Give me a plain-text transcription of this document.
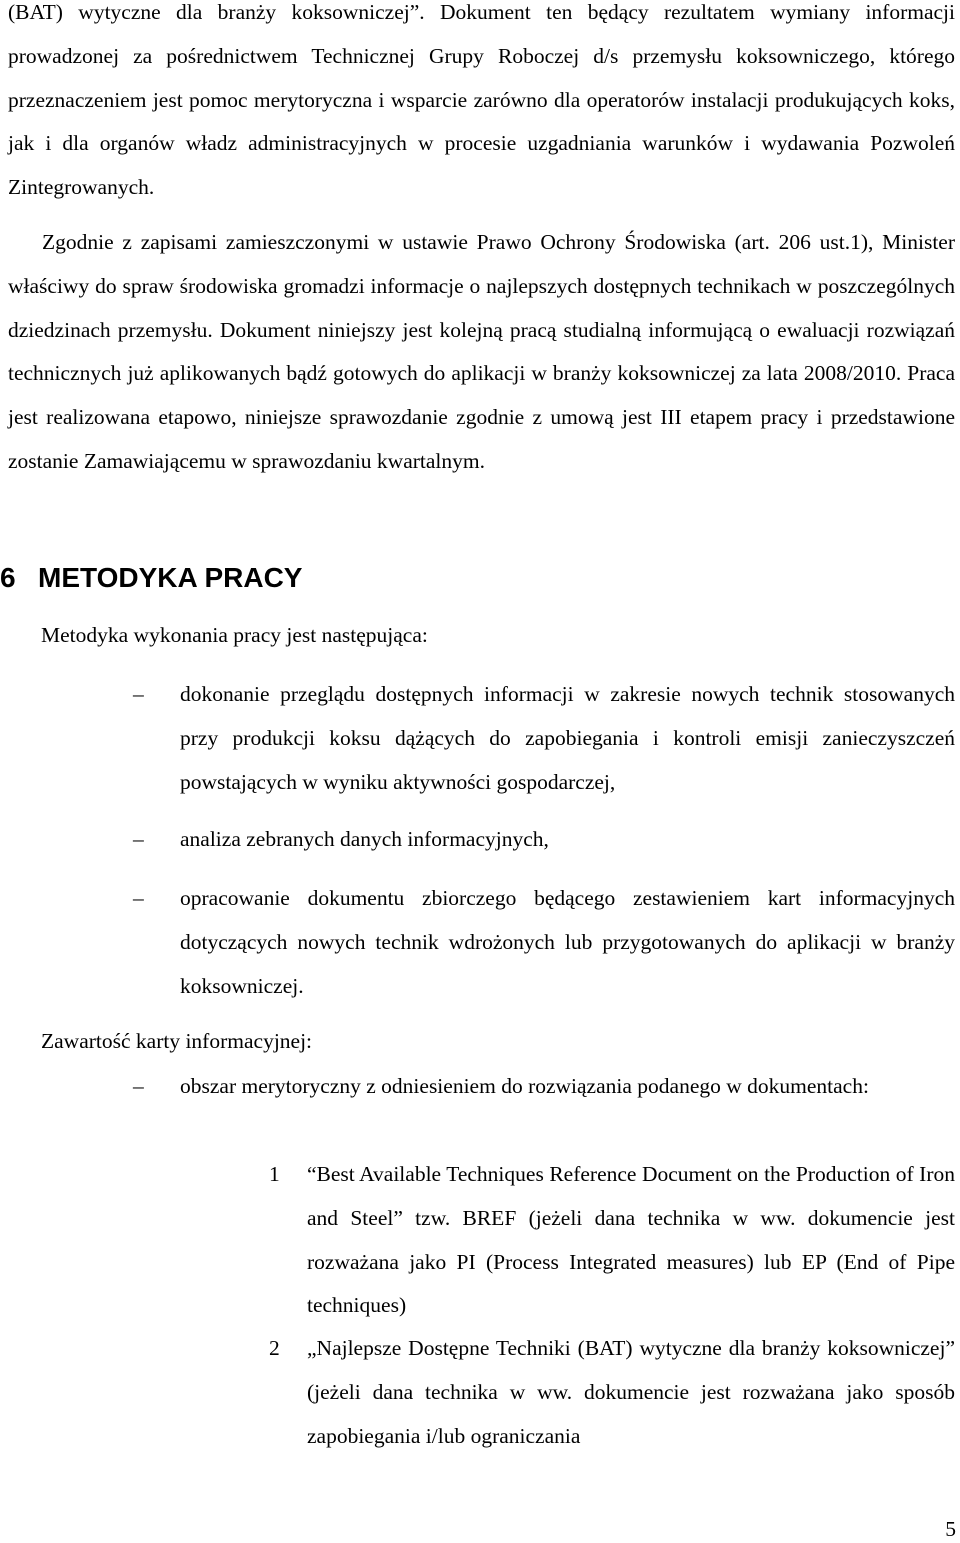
(BAT) wytyczne dla branży koksowniczej”. Dokument ten będący rezultatem wymiany informacji prowadzonej za pośrednictwem Technicznej Grupy Roboczej d/s przemysłu koksowniczego, którego przeznaczeniem jest pomoc merytoryczna i wsparcie zarówno dla operatorów instalacji produkujących koks, jak i dla organów władz administracyjnych w procesie uzgadniania warunków i wydawania Pozwoleń Zintegrowanych.

Zgodnie z zapisami zamieszczonymi w ustawie Prawo Ochrony Środowiska (art. 206 ust.1), Minister właściwy do spraw środowiska gromadzi informacje o najlepszych dostępnych technikach w poszczególnych dziedzinach przemysłu. Dokument niniejszy jest kolejną pracą studialną informującą o ewaluacji rozwiązań technicznych już aplikowanych bądź gotowych do aplikacji w branży koksowniczej za lata 2008/2010. Praca jest realizowana etapowo, niniejsze sprawozdanie zgodnie z umową jest III etapem pracy i przedstawione zostanie Zamawiającemu w sprawozdaniu kwartalnym.

6 METODYKA PRACY

Metodyka wykonania pracy jest następująca:

– dokonanie przeglądu dostępnych informacji w zakresie nowych technik stosowanych przy produkcji koksu dążących do zapobiegania i kontroli emisji zanieczyszczeń powstających w wyniku aktywności gospodarczej,

– analiza zebranych danych informacyjnych,

– opracowanie dokumentu zbiorczego będącego zestawieniem kart informacyjnych dotyczących nowych technik wdrożonych lub przygotowanych do aplikacji w branży koksowniczej.

Zawartość karty informacyjnej:

– obszar merytoryczny z odniesieniem do rozwiązania podanego w dokumentach:

1 “Best Available Techniques Reference Document on the Production of Iron and Steel” tzw. BREF (jeżeli dana technika w ww. dokumencie jest rozważana jako PI (Process Integrated measures) lub EP (End of Pipe techniques)

2 „Najlepsze Dostępne Techniki (BAT) wytyczne dla branży koksowniczej” (jeżeli dana technika w ww. dokumencie jest rozważana jako sposób zapobiegania i/lub ograniczania

5
